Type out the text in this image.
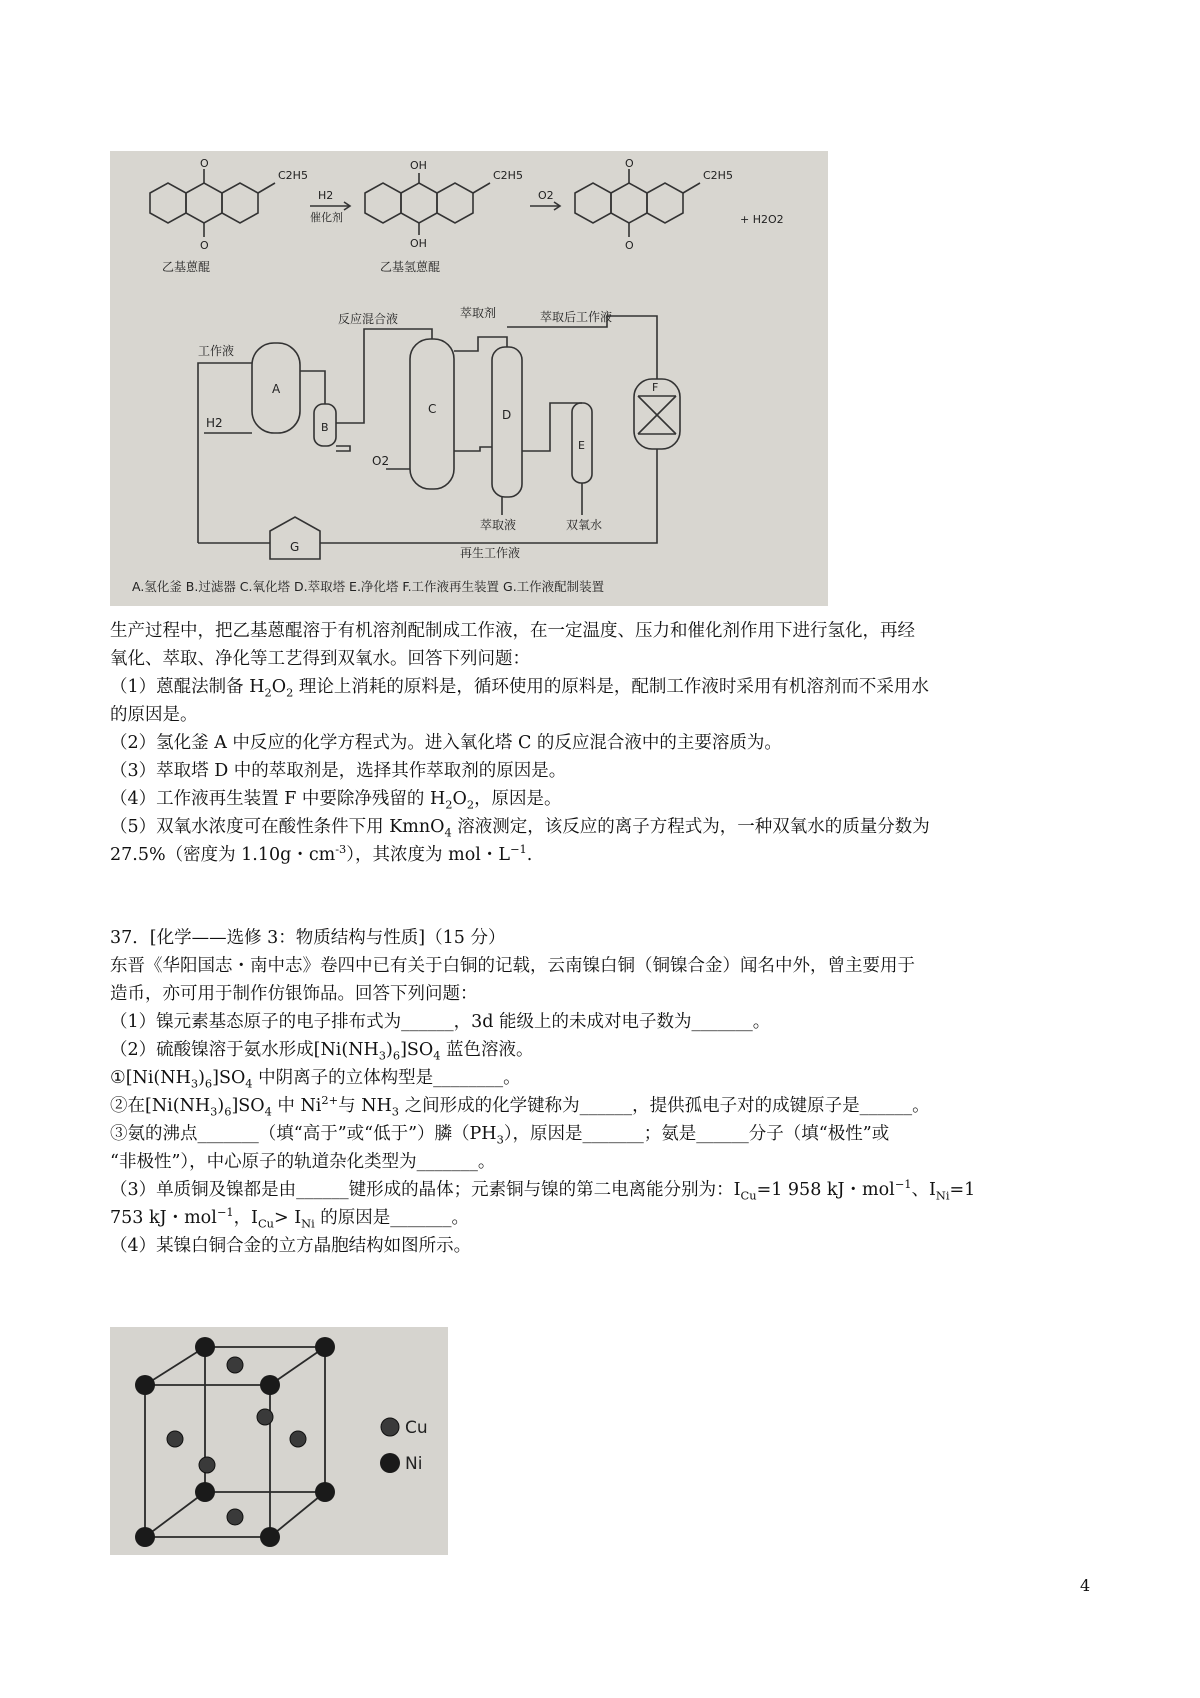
C2H5
O
O
H2
催化剂
OH
OH
C2H5
O2
O
O
C2H5
+ H2O2
乙基蒽醌	乙基氢蒽醌
工作液
H2
反应混合液
O2
萃取剂	萃取后工作液
萃取液	双氧水
再生工作液
A
B
C	D
E
F
G
A.氢化釜 B.过滤器 C.氧化塔 D.萃取塔 E.净化塔 F.工作液再生装置 G.工作液配制装置
生产过程中，把乙基蒽醌溶于有机溶剂配制成工作液，在一定温度、压力和催化剂作用下进行氢化，再经
氧化、萃取、净化等工艺得到双氧水。回答下列问题：
（1）蒽醌法制备 $H_2O_2$ 理论上消耗的原料是，循环使用的原料是，配制工作液时采用有机溶剂而不采用水
的原因是。
（2）氢化釜 A 中反应的化学方程式为。进入氧化塔 C 的反应混合液中的主要溶质为。
（3）萃取塔 D 中的萃取剂是，选择其作萃取剂的原因是。
（4）工作液再生装置 F 中要除净残留的 $H_2O_2$，原因是。
（5）双氧水浓度可在酸性条件下用 KmnO$_4$ 溶液测定，该反应的离子方程式为，一种双氧水的质量分数为
27.5%（密度为 1.10g・$cm^{-3}$），其浓度为 mol・$L^{-1}$.
37．[化学——选修 3：物质结构与性质]（15 分）
东晋《华阳国志・南中志》卷四中已有关于白铜的记载，云南镍白铜（铜镍合金）闻名中外，曾主要用于
造币，亦可用于制作仿银饰品。回答下列问题：
（1）镍元素基态原子的电子排布式为______，3d 能级上的未成对电子数为_______。
（2）硫酸镍溶于氨水形成$[Ni(NH_3)_6]SO_4$ 蓝色溶液。
$①[Ni(NH_3)_6]SO_4$ 中阴离子的立体构型是________。
②在$[Ni(NH_3)_6]SO_4$ 中 $Ni^{2+}$与 $NH_3$ 之间形成的化学键称为______，提供孤电子对的成键原子是______。
③氨的沸点_______（填“高于”或“低于”）膦$(PH_3)$，原因是_______；氨是______分子（填“极性”或
“非极性”），中心原子的轨道杂化类型为_______。
（3）单质铜及镍都是由______键形成的晶体；元素铜与镍的第二电离能分别为：$I_{Cu}=1$ 958 kJ・mol$^{-1}$、$I_{Ni}=1$
753 kJ・mol$^{-1}$，$I_{Cu}> I_{Ni}$ 的原因是_______。
（4）某镍白铜合金的立方晶胞结构如图所示。
Cu
Ni
4
